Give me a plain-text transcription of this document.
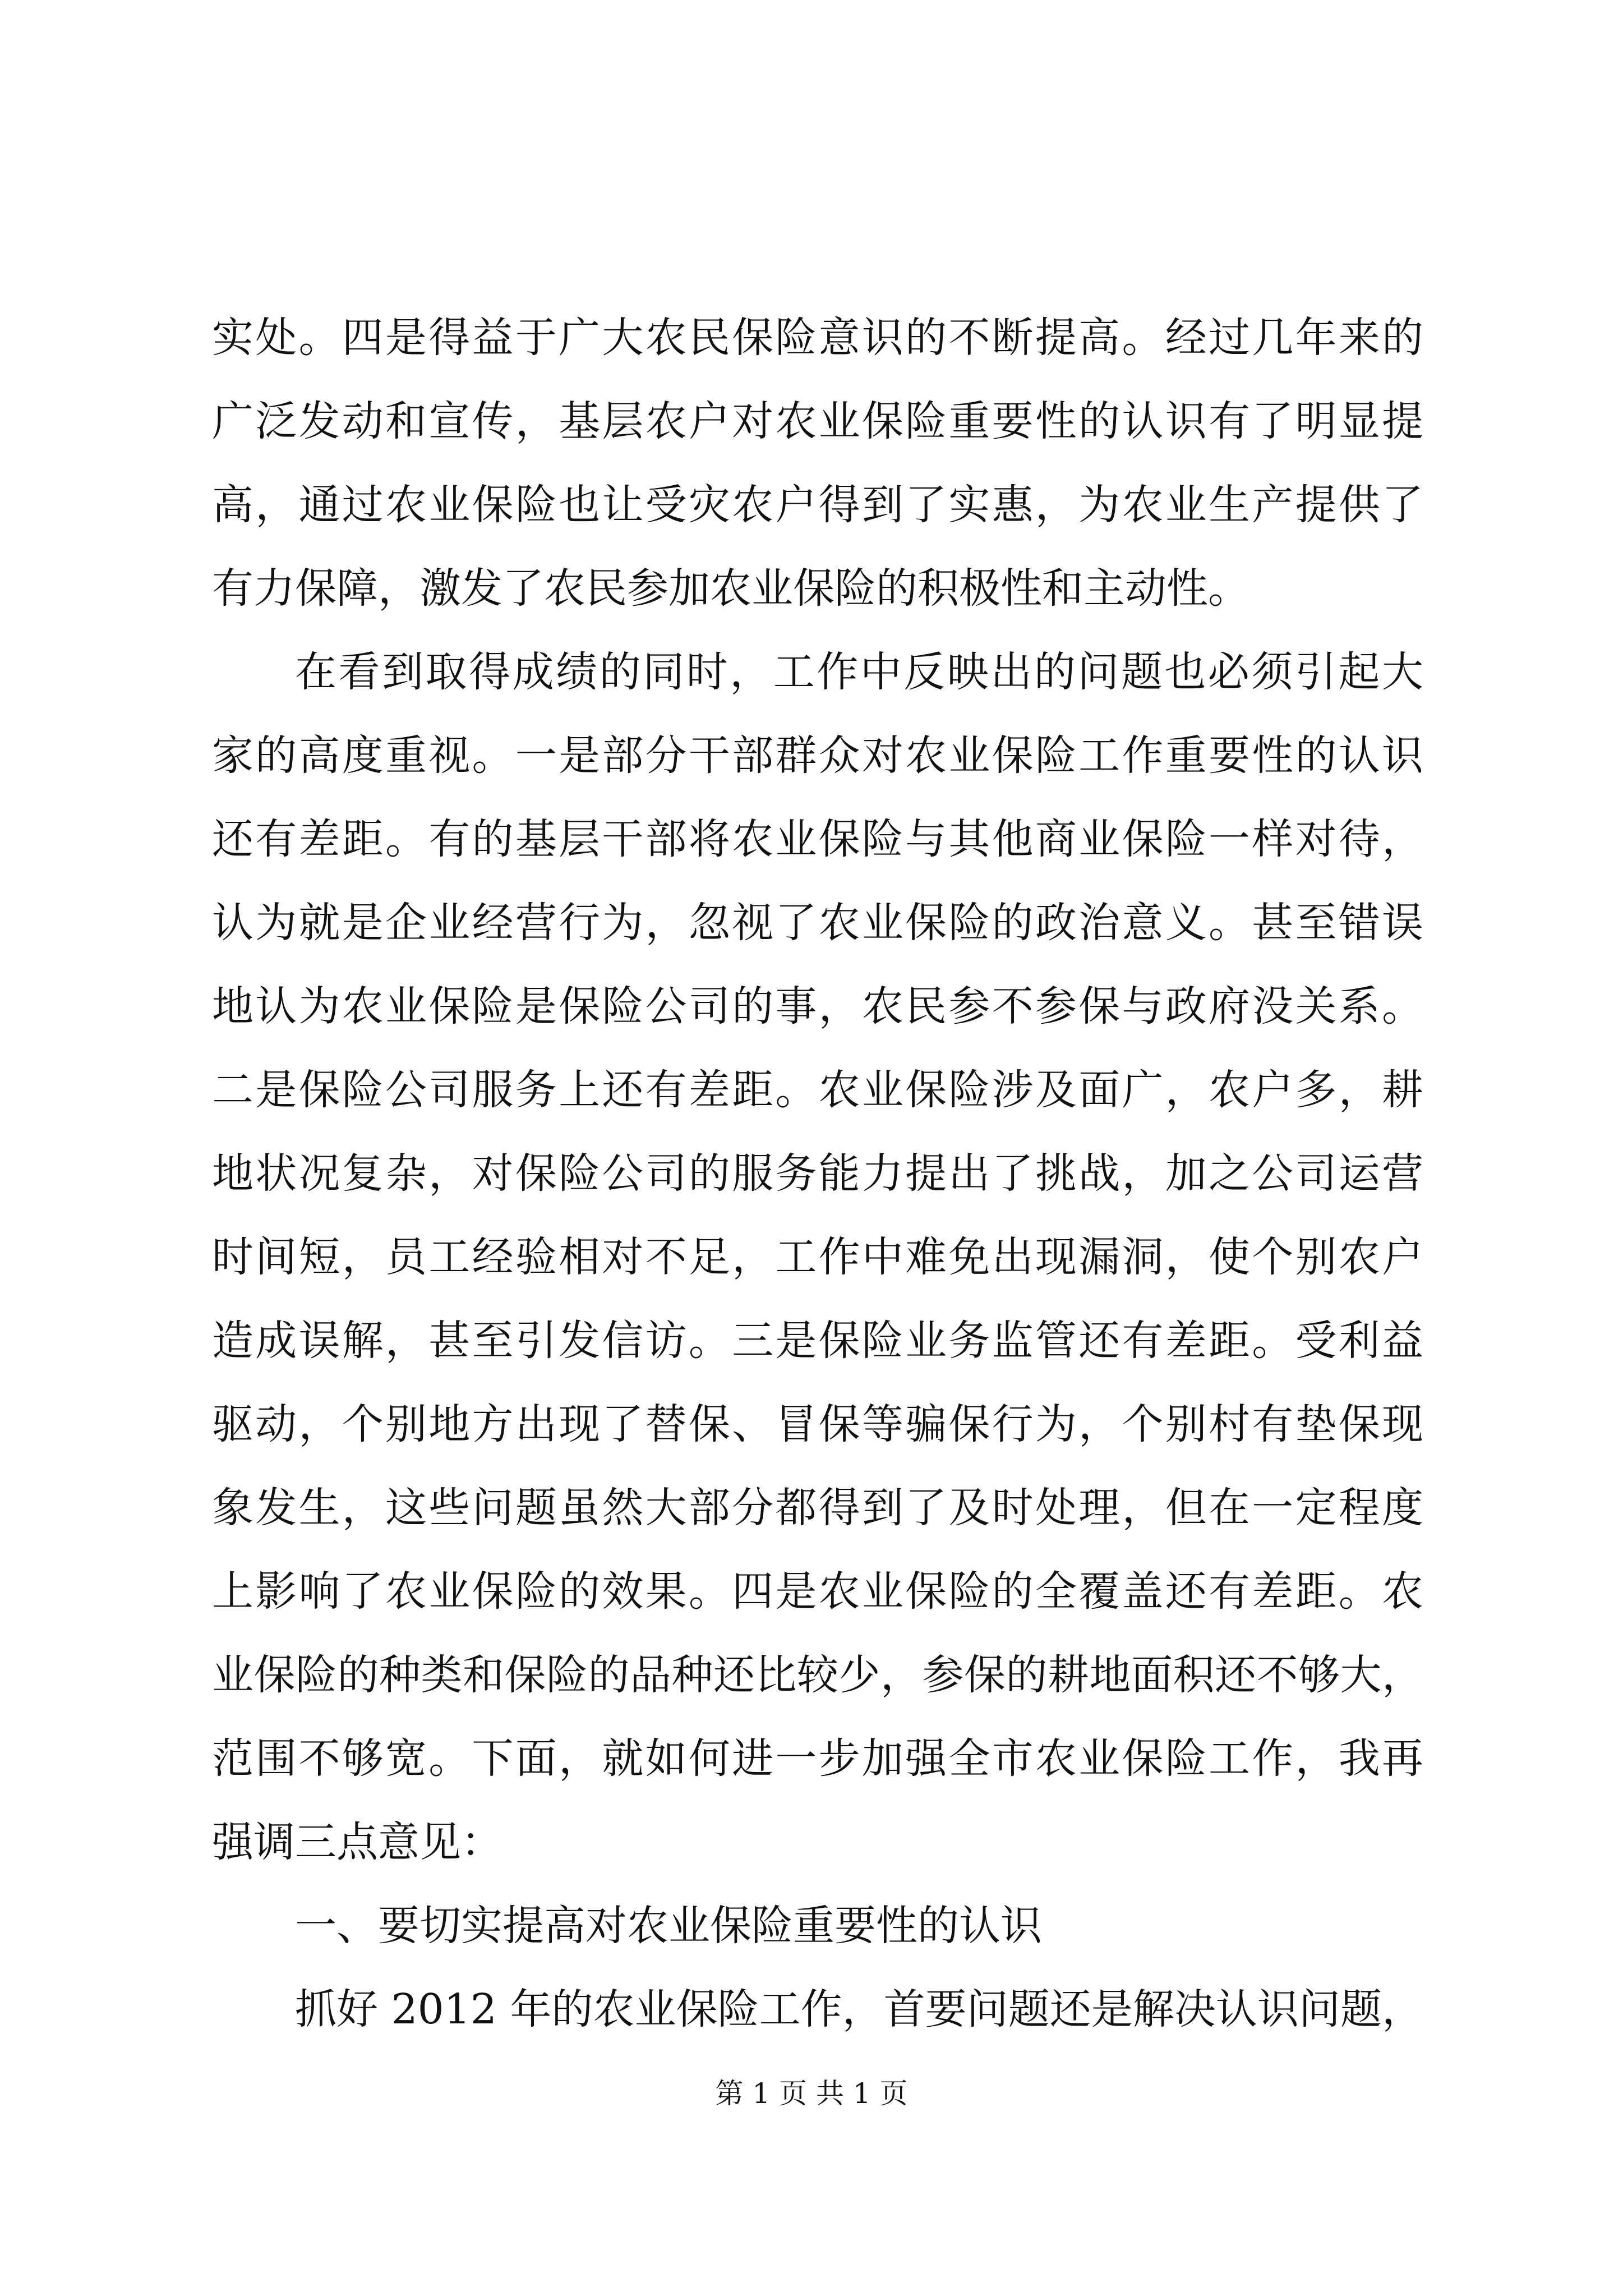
实处。四是得益于广大农民保险意识的不断提高。经过几年来的
广泛发动和宣传，基层农户对农业保险重要性的认识有了明显提
高，通过农业保险也让受灾农户得到了实惠，为农业生产提供了
有力保障，激发了农民参加农业保险的积极性和主动性。
在看到取得成绩的同时，工作中反映出的问题也必须引起大
家的高度重视。一是部分干部群众对农业保险工作重要性的认识
还有差距。有的基层干部将农业保险与其他商业保险一样对待，
认为就是企业经营行为，忽视了农业保险的政治意义。甚至错误
地认为农业保险是保险公司的事，农民参不参保与政府没关系。
二是保险公司服务上还有差距。农业保险涉及面广，农户多，耕
地状况复杂，对保险公司的服务能力提出了挑战，加之公司运营
时间短，员工经验相对不足，工作中难免出现漏洞，使个别农户
造成误解，甚至引发信访。三是保险业务监管还有差距。受利益
驱动，个别地方出现了替保、冒保等骗保行为，个别村有垫保现
象发生，这些问题虽然大部分都得到了及时处理，但在一定程度
上影响了农业保险的效果。四是农业保险的全覆盖还有差距。农
业保险的种类和保险的品种还比较少，参保的耕地面积还不够大，
范围不够宽。下面，就如何进一步加强全市农业保险工作，我再
强调三点意见：
一、要切实提高对农业保险重要性的认识
抓好 2012 年的农业保险工作，首要问题还是解决认识问题，
第 1 页 共 1 页
